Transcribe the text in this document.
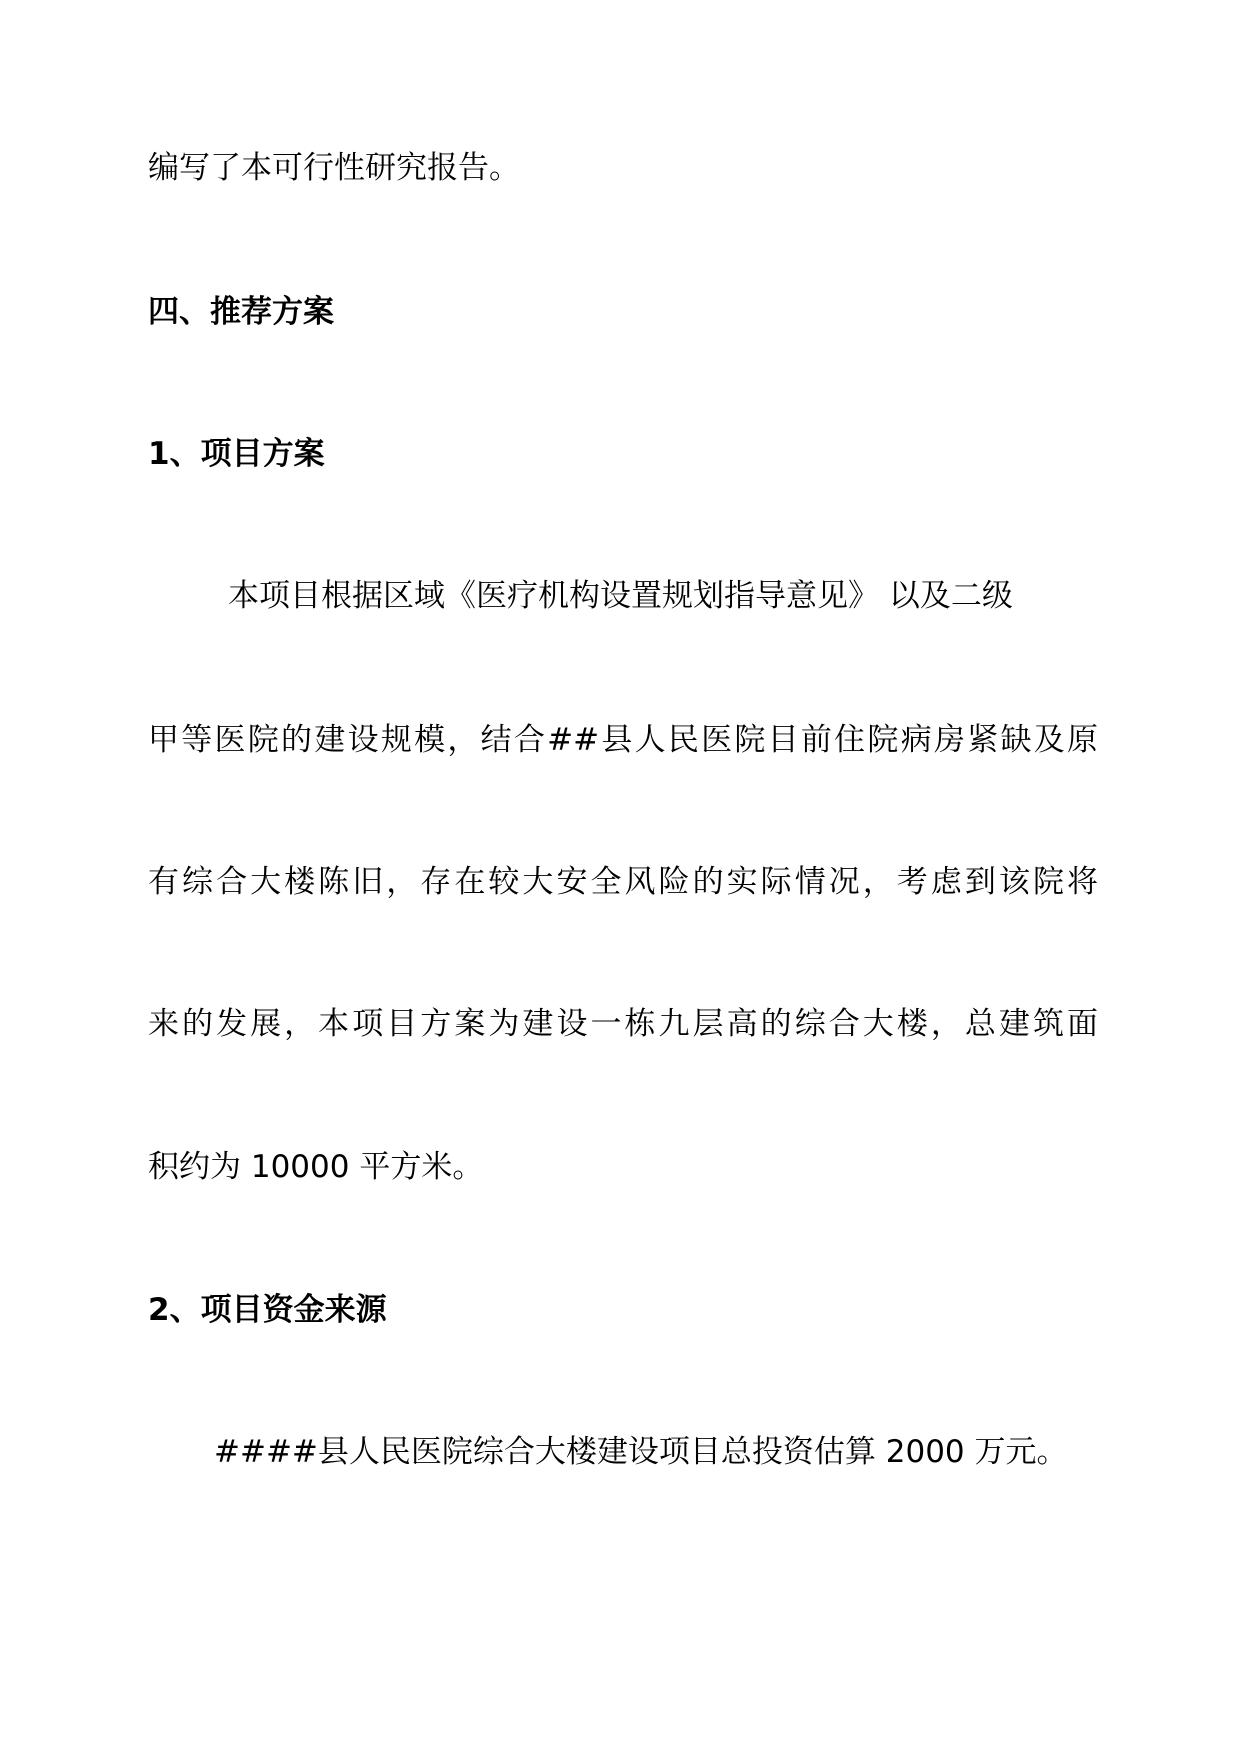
编写了本可行性研究报告。
四、推荐方案
1、项目方案
本项目根据区域《医疗机构设置规划指导意见》 以及二级
甲等医院的建设规模，结合##县人民医院目前住院病房紧缺及原
有综合大楼陈旧，存在较大安全风险的实际情况，考虑到该院将
来的发展，本项目方案为建设一栋九层高的综合大楼，总建筑面
积约为 10000 平方米。
2、项目资金来源
####县人民医院综合大楼建设项目总投资估算 2000 万元。
